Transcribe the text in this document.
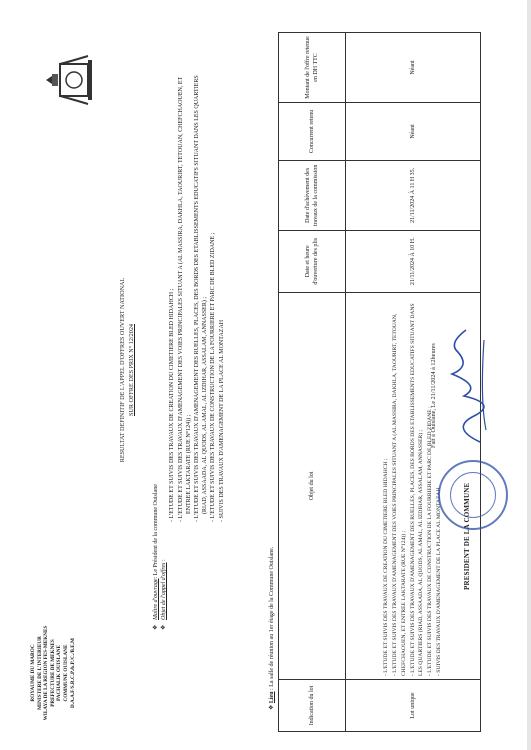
ROYAUME DU MAROC MINISTERE DE L'INTERIEUR WILAYA DE LA REGION FES-MEKNES PREFECTURE DE MEKNES PACHALIK OUISLANE COMMUNE OUISLANE D.A.A.F/S.R.C.P.&.P./C./B.E.M
RESULTAT DEFINITIF DE L'APPEL D'OFFRES OUVERT NATIONAL SUR OFFRE DES PRIX N° 12/2024
❖
Maître d'ouvrage
: Le Président de la commune Ouislane
❖
Objet de l'appel d'offres
:
- L'ETUDE ET SUIVIS DES TRAVAUX DE CREATION DU CIMETIERE BLED HIDAHCH ; - L'ETUDE ET SUIVIS DES TRAVAUX D'AMENAGEMENT DES VOIES PRINCIPALES SITUANT A (AL MASSIRA, DAKHLA, TAOURIRT, TETOUAN, CHEFCHAOUEN, ET ENTREE LAKTARATE (RUE N°124)) ; - L'ETUDE ET SUIVIS DES TRAVAUX D'AMENAGEMENT DES RUELLES, PLACES, DES BORDS DES ETABLISSEMENTS EDUCATIFS SITUANT DANS LES QUARTIERS (RIAD, ASSAADA, AL QUODS, AL AMAL, AL IZDIHAR, ASSALAM, ANNASSER) ; - L'ETUDE ET SUIVIS DES TRAVAUX DE CONSTRUCTION DE LA FOURRIERE ET PARC DE BLED ZIDANE ; - SUIVIS DES TRAVAUX D'AMENAGEMENT DE LA PLACE AL MONTAZAH
❖ Lieu : La salle de réunion au 1er étage de la Commune Ouislane.
Indication du lot	Objet du lot	Date et heure d'ouverture des plis	Date d'achèvement des travaux de la commission	Concurrent retenu	Montant de l'offre retenue en DH TTC
Lot unique	- L'ETUDE ET SUIVIS DES TRAVAUX DE CREATION DU CIMETIERE BLED HIDAHCH ; - L'ETUDE ET SUIVIS DES TRAVAUX D'AMENAGEMENT DES VOIES PRINCIPALES SITUANT A (AL MASSIRA, DAKHLA, TAOURIRT, TETOUAN, CHEFCHAOUEN, ET ENTREE LAKTARATE (RUE N°124)) ; - L'ETUDE ET SUIVIS DES TRAVAUX D'AMENAGEMENT DES RUELLES, PLACES, DES BORDS DES ETABLISSEMENTS EDUCATIFS SITUANT DANS LES QUARTIERS (RIAD, ASSAADA, AL QUODS, AL AMAL, AL IZDIHAR, ASSALAM, ANNASSER) ; - L'ETUDE ET SUIVIS DES TRAVAUX DE CONSTRUCTION DE LA FOURRIERE ET PARC DE BLED ZIDANE ; - SUIVIS DES TRAVAUX D'AMENAGEMENT DE LA PLACE AL MONTAZAH	21/11/2024 À 10 H.	21/11/2024 À 11 H 35.	Néant	Néant
Fait à Ouislane, Le 21/11/2024 à 12heures
PRESIDENT DE LA COMMUNE
